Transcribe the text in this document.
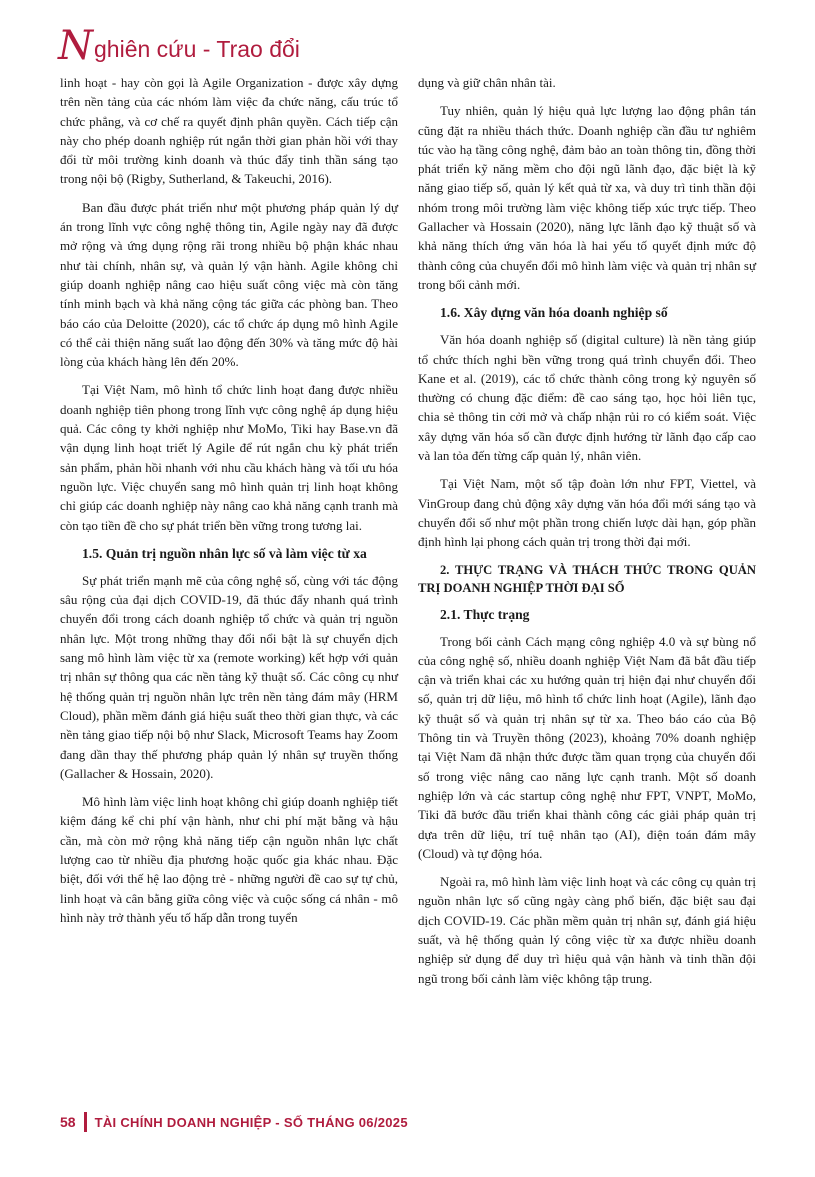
N ghiên cứu - Trao đổi

linh hoạt - hay còn gọi là Agile Organization - được xây dựng trên nền tảng của các nhóm làm việc đa chức năng, cấu trúc tổ chức phẳng, và cơ chế ra quyết định phân quyền. Cách tiếp cận này cho phép doanh nghiệp rút ngắn thời gian phản hồi với thay đổi từ môi trường kinh doanh và thúc đẩy tinh thần sáng tạo trong nội bộ (Rigby, Sutherland, & Takeuchi, 2016).

Ban đầu được phát triển như một phương pháp quản lý dự án trong lĩnh vực công nghệ thông tin, Agile ngày nay đã được mở rộng và ứng dụng rộng rãi trong nhiều bộ phận khác nhau như tài chính, nhân sự, và quản lý vận hành. Agile không chỉ giúp doanh nghiệp nâng cao hiệu suất công việc mà còn tăng tính minh bạch và khả năng cộng tác giữa các phòng ban. Theo báo cáo của Deloitte (2020), các tổ chức áp dụng mô hình Agile có thể cải thiện năng suất lao động đến 30% và tăng mức độ hài lòng của khách hàng lên đến 20%.

Tại Việt Nam, mô hình tổ chức linh hoạt đang được nhiều doanh nghiệp tiên phong trong lĩnh vực công nghệ áp dụng hiệu quả. Các công ty khởi nghiệp như MoMo, Tiki hay Base.vn đã vận dụng linh hoạt triết lý Agile để rút ngắn chu kỳ phát triển sản phẩm, phản hồi nhanh với nhu cầu khách hàng và tối ưu hóa nguồn lực. Việc chuyển sang mô hình quản trị linh hoạt không chỉ giúp các doanh nghiệp này nâng cao khả năng cạnh tranh mà còn tạo tiền đề cho sự phát triển bền vững trong tương lai.

1.5. Quản trị nguồn nhân lực số và làm việc từ xa

Sự phát triển mạnh mẽ của công nghệ số, cùng với tác động sâu rộng của đại dịch COVID-19, đã thúc đẩy nhanh quá trình chuyển đổi trong cách doanh nghiệp tổ chức và quản trị nguồn nhân lực. Một trong những thay đổi nổi bật là sự chuyển dịch sang mô hình làm việc từ xa (remote working) kết hợp với quản trị nhân sự thông qua các nền tảng kỹ thuật số. Các công cụ như hệ thống quản trị nguồn nhân lực trên nền tảng đám mây (HRM Cloud), phần mềm đánh giá hiệu suất theo thời gian thực, và các nền tảng giao tiếp nội bộ như Slack, Microsoft Teams hay Zoom đang dần thay thế phương pháp quản lý nhân sự truyền thống (Gallacher & Hossain, 2020).

Mô hình làm việc linh hoạt không chỉ giúp doanh nghiệp tiết kiệm đáng kể chi phí vận hành, như chi phí mặt bằng và hậu cần, mà còn mở rộng khả năng tiếp cận nguồn nhân lực chất lượng cao từ nhiều địa phương hoặc quốc gia khác nhau. Đặc biệt, đối với thế hệ lao động trẻ - những người đề cao sự tự chủ, linh hoạt và cân bằng giữa công việc và cuộc sống cá nhân - mô hình này trở thành yếu tố hấp dẫn trong tuyển

dụng và giữ chân nhân tài.

Tuy nhiên, quản lý hiệu quả lực lượng lao động phân tán cũng đặt ra nhiều thách thức. Doanh nghiệp cần đầu tư nghiêm túc vào hạ tầng công nghệ, đảm bảo an toàn thông tin, đồng thời phát triển kỹ năng mềm cho đội ngũ lãnh đạo, đặc biệt là kỹ năng giao tiếp số, quản lý kết quả từ xa, và duy trì tinh thần đội nhóm trong môi trường làm việc không tiếp xúc trực tiếp. Theo Gallacher và Hossain (2020), năng lực lãnh đạo kỹ thuật số và khả năng thích ứng văn hóa là hai yếu tố quyết định mức độ thành công của chuyển đổi mô hình làm việc và quản trị nhân sự trong bối cảnh mới.

1.6. Xây dựng văn hóa doanh nghiệp số

Văn hóa doanh nghiệp số (digital culture) là nền tảng giúp tổ chức thích nghi bền vững trong quá trình chuyển đổi. Theo Kane et al. (2019), các tổ chức thành công trong kỷ nguyên số thường có chung đặc điểm: đề cao sáng tạo, học hỏi liên tục, chia sẻ thông tin cởi mở và chấp nhận rủi ro có kiểm soát. Việc xây dựng văn hóa số cần được định hướng từ lãnh đạo cấp cao và lan tỏa đến từng cấp quản lý, nhân viên.

Tại Việt Nam, một số tập đoàn lớn như FPT, Viettel, và VinGroup đang chủ động xây dựng văn hóa đổi mới sáng tạo và chuyển đổi số như một phần trong chiến lược dài hạn, góp phần định hình lại phong cách quản trị trong thời đại mới.

2. THỰC TRẠNG VÀ THÁCH THỨC TRONG QUẢN TRỊ DOANH NGHIỆP THỜI ĐẠI SỐ
2.1. Thực trạng

Trong bối cảnh Cách mạng công nghiệp 4.0 và sự bùng nổ của công nghệ số, nhiều doanh nghiệp Việt Nam đã bắt đầu tiếp cận và triển khai các xu hướng quản trị hiện đại như chuyển đổi số, quản trị dữ liệu, mô hình tổ chức linh hoạt (Agile), lãnh đạo kỹ thuật số và quản trị nhân sự từ xa. Theo báo cáo của Bộ Thông tin và Truyền thông (2023), khoảng 70% doanh nghiệp tại Việt Nam đã nhận thức được tầm quan trọng của chuyển đổi số trong việc nâng cao năng lực cạnh tranh. Một số doanh nghiệp lớn và các startup công nghệ như FPT, VNPT, MoMo, Tiki đã bước đầu triển khai thành công các giải pháp quản trị dựa trên dữ liệu, trí tuệ nhân tạo (AI), điện toán đám mây (Cloud) và tự động hóa.

Ngoài ra, mô hình làm việc linh hoạt và các công cụ quản trị nguồn nhân lực số cũng ngày càng phổ biến, đặc biệt sau đại dịch COVID-19. Các phần mềm quản trị nhân sự, đánh giá hiệu suất, và hệ thống quản lý công việc từ xa được nhiều doanh nghiệp sử dụng để duy trì hiệu quả vận hành và tinh thần đội ngũ trong bối cảnh làm việc không tập trung.

58 TÀI CHÍNH DOANH NGHIỆP - SỐ THÁNG 06/2025
